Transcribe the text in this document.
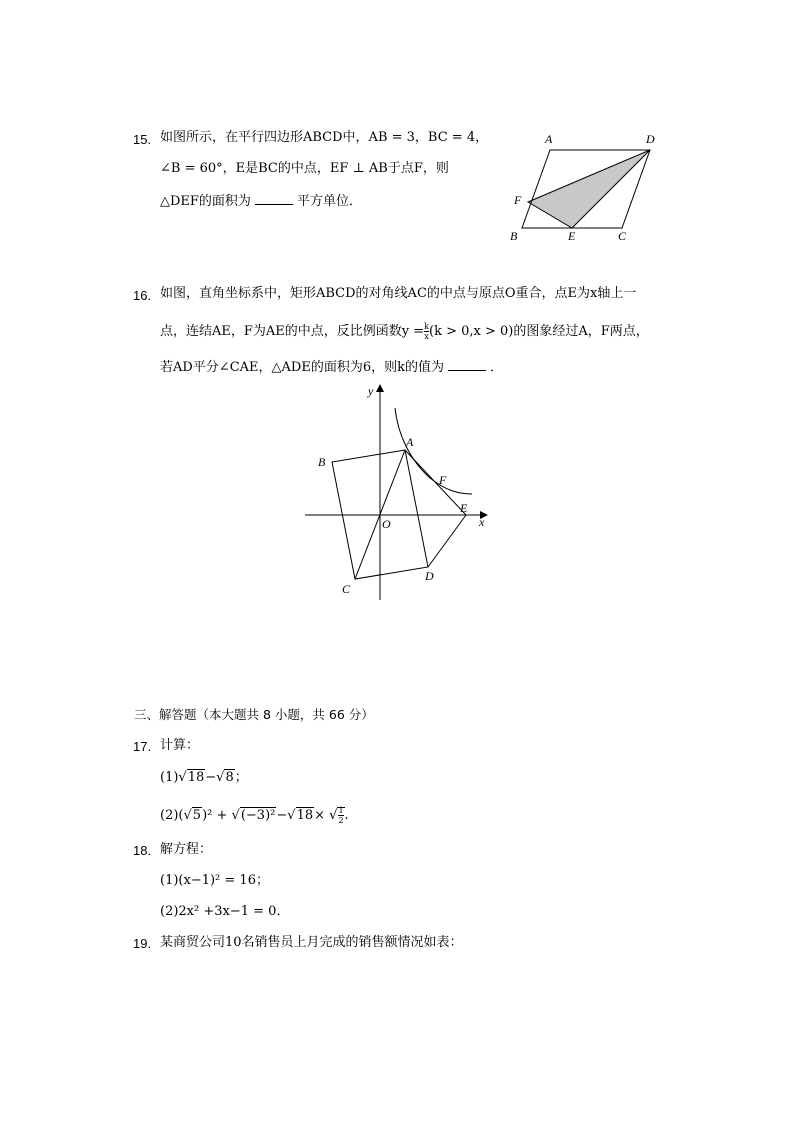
15. 如图所示，在平行四边形ABCD中，AB = 3，BC = 4，
∠B = 60°，E是BC的中点，EF ⊥ AB于点F，则
△DEF的面积为	平方单位．
A	D
F
B	E	C
16. 如图，直角坐标系中，矩形ABCD的对角线AC的中点与原点O重合，点E为x轴上一
点，连结AE，F为AE的中点，反比例函数$y = \frac{k}{x} (k > 0,x > 0)$的图象经过A，F两点，
若AD平分∠CAE，△ADE的面积为6，则k的值为	．
y
x
A
B
F
E
O
C
D
三、解答题（本大题共 8 小题，共 66 分）
17. 计算：
(1)√18−√8；
(2)(√5)² + √(−3)²−√18× √ $\frac{1}{2}$ .
18. 解方程：
(1)(x−1)² = 16；
(2)2x² +3x−1 = 0．
19. 某商贸公司10名销售员上月完成的销售额情况如表：
